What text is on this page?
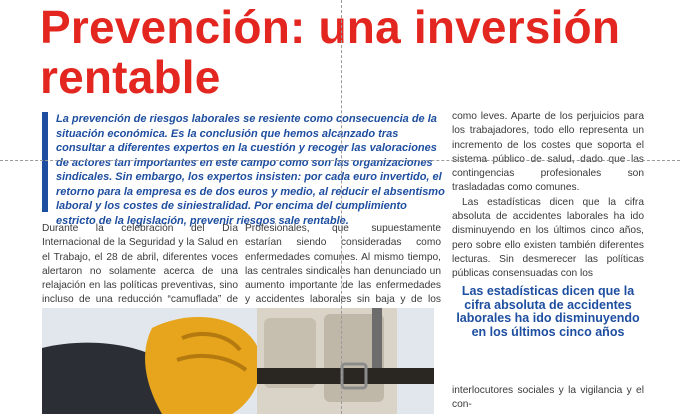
Prevención: una inversión rentable
La prevención de riesgos laborales se resiente como consecuencia de la situación económica. Es la conclusión que hemos alcanzado tras consultar a diferentes expertos en la cuestión y recoger las valoraciones de actores tan importantes en este campo como son las organizaciones sindicales. Sin embargo, los expertos insisten: por cada euro invertido, el retorno para la empresa es de dos euros y medio, al reducir el absentismo laboral y los costes de siniestralidad. Por encima del cumplimiento estricto de la legislación, prevenir riesgos sale rentable.

Durante la celebración del Día Internacional de la Seguridad y la Salud en el Trabajo, el 28 de abril, diferentes voces alertaron no solamente acerca de una relajación en las políticas preventivas, sino incluso de una reducción “camuflada” de

Profesionales, que supuestamente estarían siendo consideradas como enfermedades comunes. Al mismo tiempo, las centrales sindicales han denunciado un aumento importante de las enfermedades y accidentes laborales sin baja y de los

como leves. Aparte de los perjuicios para los trabajadores, todo ello representa un incremento de los costes que soporta el sistema público de salud, dado que las contingencias profesionales son trasladadas como comunes.

Las estadísticas dicen que la cifra absoluta de accidentes laborales ha ido disminuyendo en los últimos cinco años, pero sobre ello existen también diferentes lecturas. Sin desmerecer las políticas públicas consensuadas con los

Las estadísticas dicen que la cifra absoluta de accidentes laborales ha ido disminuyendo en los últimos cinco años

interlocutores sociales y la vigilancia y el con-
